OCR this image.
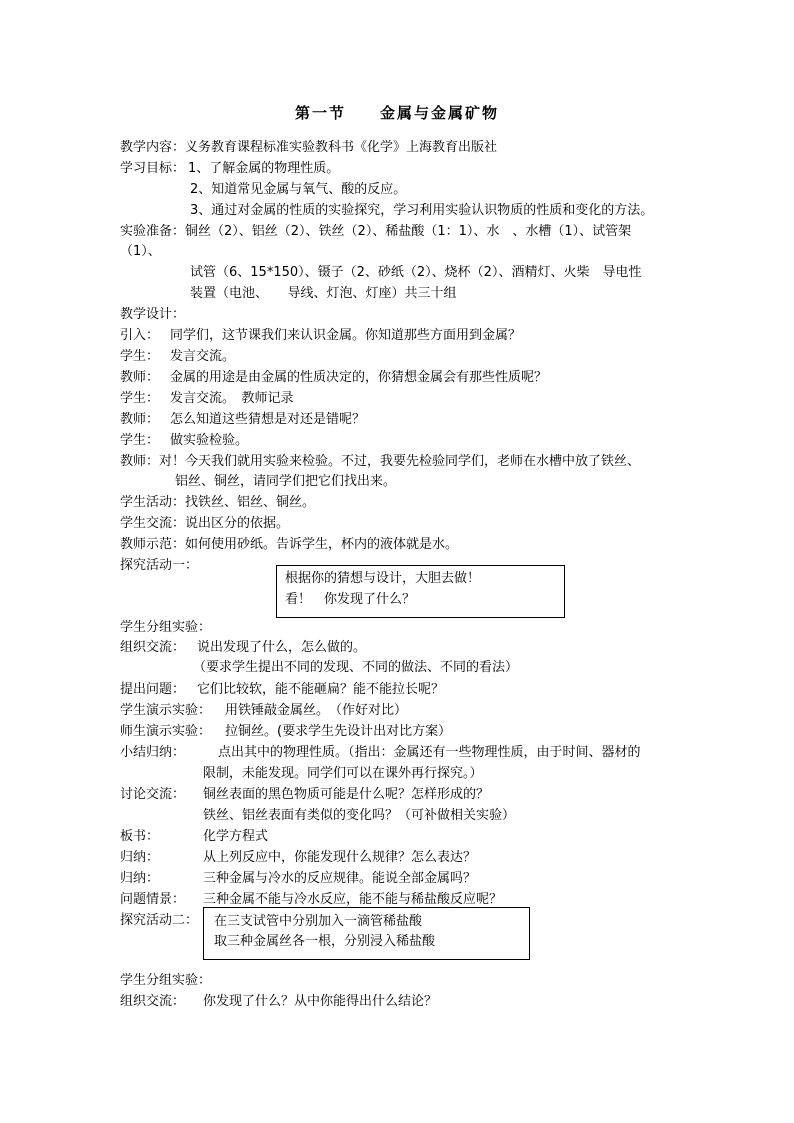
第一节　　金属与金属矿物
教学内容：义务教育课程标准实验教科书《化学》上海教育出版社
学习目标： 1、了解金属的物理性质。
2、知道常见金属与氧气、酸的反应。
3、通过对金属的性质的实验探究，学习利用实验认识物质的性质和变化的方法。
实验准备：铜丝（2）、铝丝（2）、铁丝（2）、稀盐酸（1：1）、水　、水槽（1）、试管架
（1）、
试管（6、15*150）、镊子（2、砂纸（2）、烧杯（2）、酒精灯、火柴　导电性
装置（电池、　　导线、灯泡、灯座）共三十组
教学设计：
引入： 同学们，这节课我们来认识金属。你知道那些方面用到金属？
学生： 发言交流。
教师： 金属的用途是由金属的性质决定的，你猜想金属会有那些性质呢？
学生： 发言交流。　教师记录
教师： 怎么知道这些猜想是对还是错呢？
学生： 做实验检验。
教师：对！今天我们就用实验来检验。不过，我要先检验同学们，老师在水槽中放了铁丝、
铝丝、铜丝，请同学们把它们找出来。
学生活动：找铁丝、铝丝、铜丝。
学生交流：说出区分的依据。
教师示范：如何使用砂纸。告诉学生，杯内的液体就是水。
探究活动一：
根据你的猜想与设计，大胆去做！
看！　你发现了什么？
学生分组实验：
组织交流： 说出发现了什么，怎么做的。
（要求学生提出不同的发现、不同的做法、不同的看法）
提出问题： 它们比较软，能不能砸扁？能不能拉长呢？
学生演示实验： 用铁锤敲金属丝。　（作好对比）
师生演示实验： 拉铜丝。(要求学生先设计出对比方案）
小结归纳：	点出其中的物理性质。（指出：金属还有一些物理性质，由于时间、器材的
限制，未能发现。同学们可以在课外再行探究。）
讨论交流： 铜丝表面的黑色物质可能是什么呢？怎样形成的？
铁丝、铝丝表面有类似的变化吗？（可补做相关实验）
板书：	化学方程式
归纳：	从上列反应中，你能发现什么规律？怎么表达？
归纳：	三种金属与冷水的反应规律。能说全部金属吗？
问题情景： 三种金属不能与冷水反应，能不能与稀盐酸反应呢？
探究活动二： 在三支试管中分别加入一滴管稀盐酸
取三种金属丝各一根，分别浸入稀盐酸
学生分组实验：
组织交流： 你发现了什么？从中你能得出什么结论？
